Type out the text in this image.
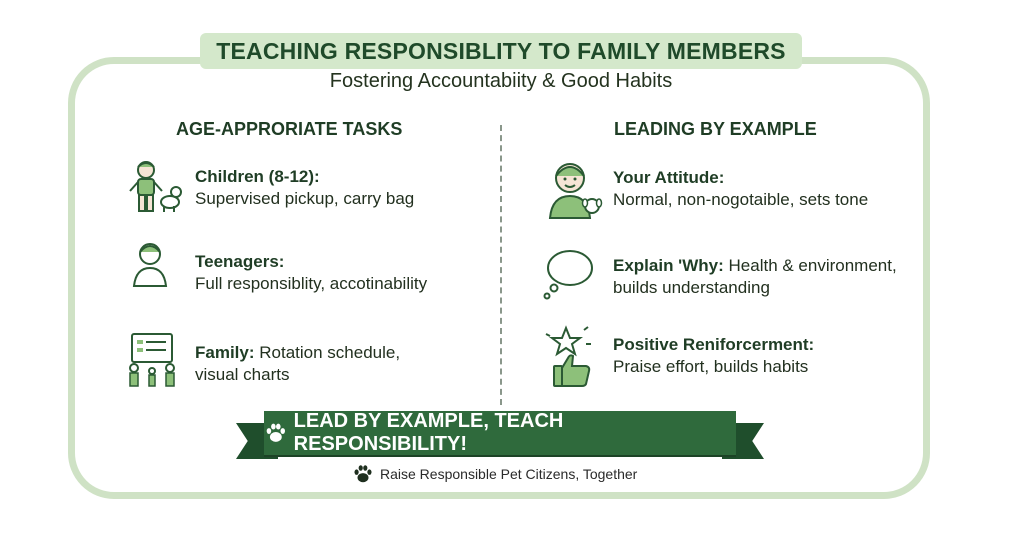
TEACHING RESPONSIBLITY TO FAMILY MEMBERS
Fostering Accountabiity & Good Habits
AGE-APPRORIATE TASKS	LEADING BY EXAMPLE
Children (8-12):
Supervised pickup, carry bag
Teenagers:
Full responsiblity, accotinability
Family: Rotation schedule,
visual charts
Your Attitude:
Normal, non-nogotaible, sets tone
Explain 'Why: Health & environment,
builds understanding
Positive Reniforcerment:
Praise effort, builds habits
LEAD BY EXAMPLE, TEACH RESPONSIBILITY!
Raise Responsible Pet Citizens, Together
